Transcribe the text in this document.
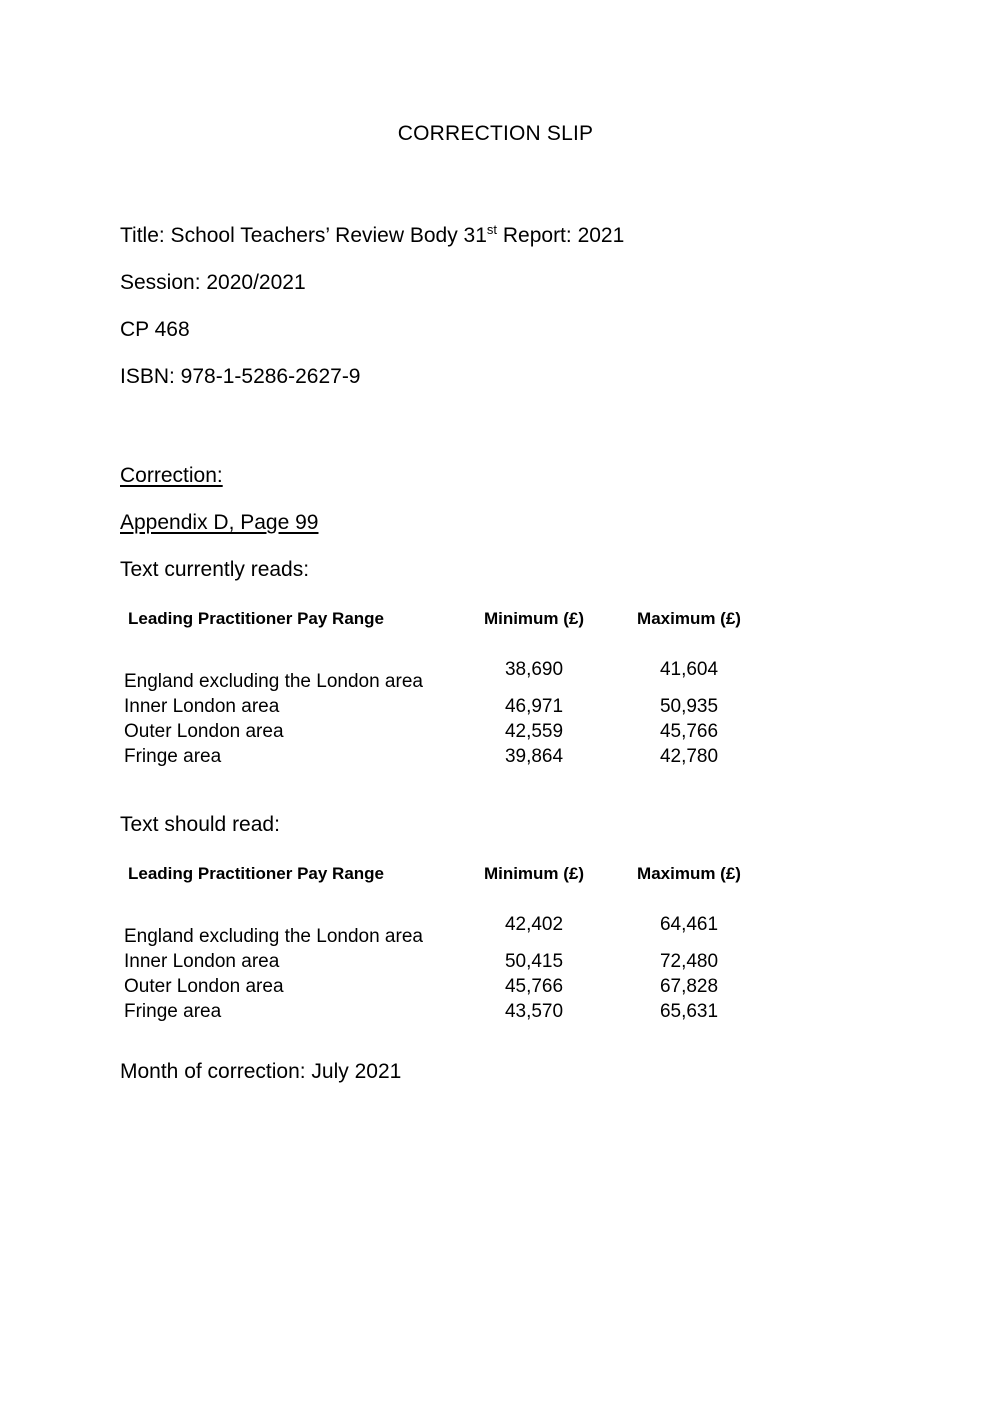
CORRECTION SLIP
Title: School Teachers’ Review Body 31st Report: 2021
Session: 2020/2021
CP 468
ISBN: 978-1-5286-2627-9
Correction:
Appendix D, Page 99
Text currently reads:
Leading Practitioner Pay Range	Minimum (£)	Maximum (£)
England excluding the London area	38,690	41,604
Inner London area	46,971	50,935
Outer London area	42,559	45,766
Fringe area	39,864	42,780
Text should read:
Leading Practitioner Pay Range	Minimum (£)	Maximum (£)
England excluding the London area	42,402	64,461
Inner London area	50,415	72,480
Outer London area	45,766	67,828
Fringe area	43,570	65,631
Month of correction: July 2021
